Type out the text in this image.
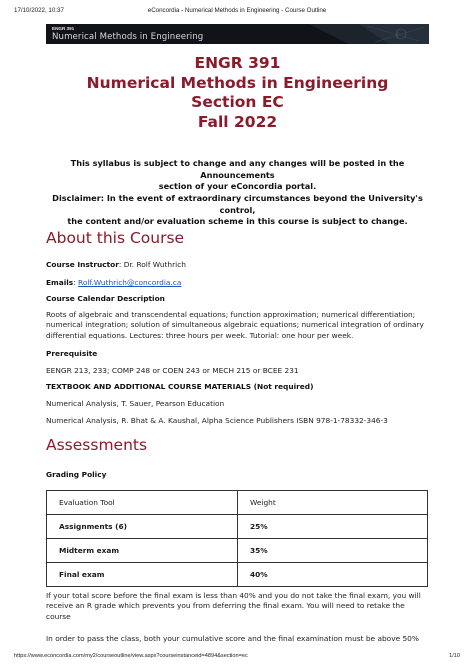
17/10/2022, 10:37	eConcordia - Numerical Methods in Engineering - Course Outline
∫
ENGR 391
Numerical Methods in Engineering
ENGR 391
Numerical Methods in Engineering
Section EC
Fall 2022
This syllabus is subject to change and any changes will be posted in the Announcements
section of your eConcordia portal.
Disclaimer: In the event of extraordinary circumstances beyond the University's control,
the content and/or evaluation scheme in this course is subject to change.
About this Course
Course Instructor: Dr. Rolf Wuthrich
Emails: Rolf.Wuthrich@concordia.ca
Course Calendar Description
Roots of algebraic and transcendental equations; function approximation; numerical differentiation;
numerical integration; solution of simultaneous algebraic equations; numerical integration of ordinary
differential equations. Lectures: three hours per week. Tutorial: one hour per week.
Prerequisite
EENGR 213, 233; COMP 248 or COEN 243 or MECH 215 or BCEE 231
TEXTBOOK AND ADDITIONAL COURSE MATERIALS (Not required)
Numerical Analysis, T. Sauer, Pearson Education
Numerical Analysis, R. Bhat & A. Kaushal, Alpha Science Publishers ISBN 978-1-78332-346-3
Assessments
Grading Policy
Evaluation Tool	Weight
Assignments (6)	25%
Midterm exam	35%
Final exam	40%
If your total score before the final exam is less than 40% and you do not take the final exam, you will
receive an R grade which prevents you from deferring the final exam. You will need to retake the
course
In order to pass the class, both your cumulative score and the final examination must be above 50%
https://www.econcordia.com/my2/courseoutline/view.aspx?courseinstanceid=4894&section=ec	1/10
